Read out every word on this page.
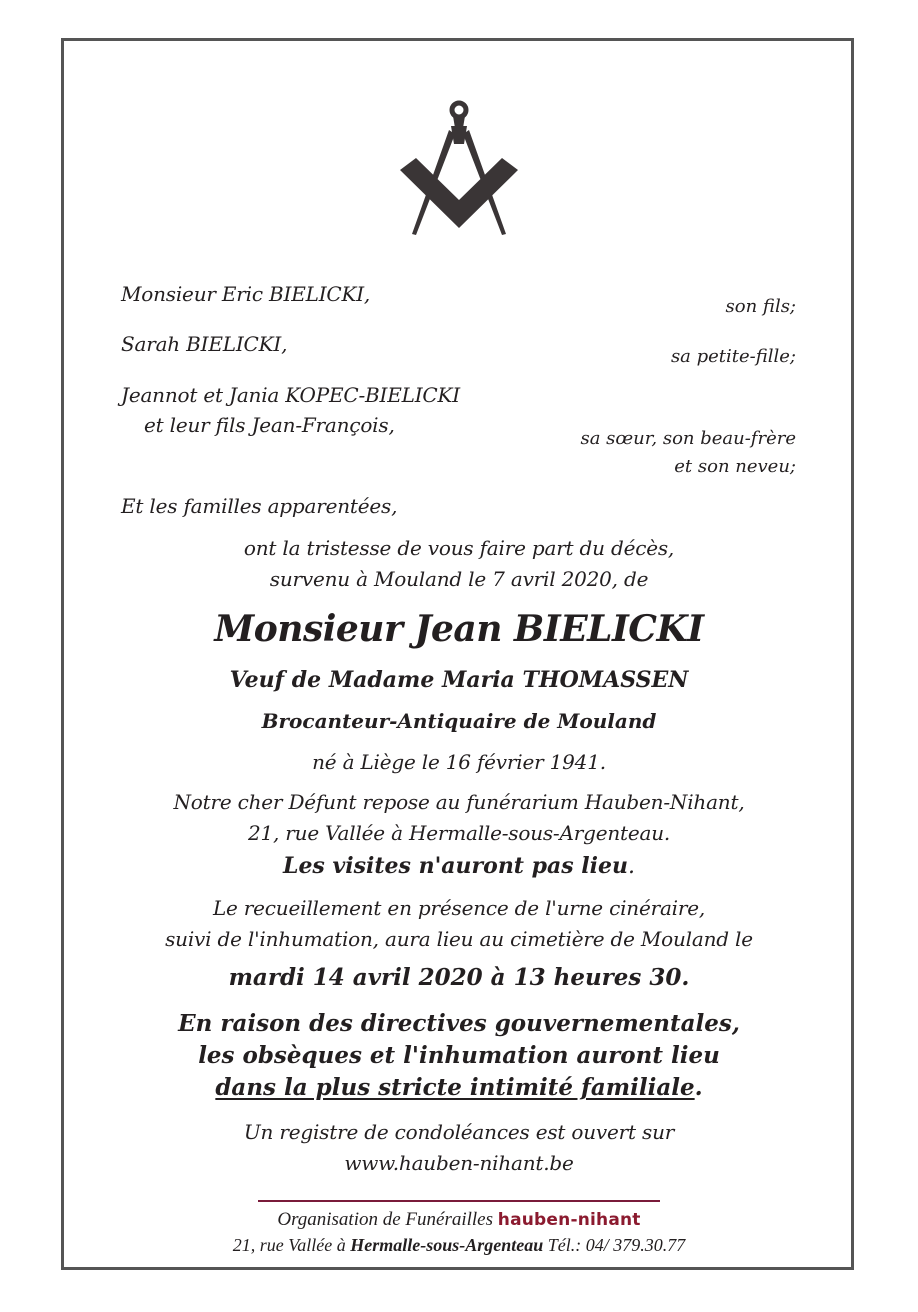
Monsieur Eric BIELICKI,
son fils;
Sarah BIELICKI,
sa petite-fille;
Jeannot et Jania KOPEC-BIELICKI
et leur fils Jean-François,
sa sœur, son beau-frère
et son neveu;
Et les familles apparentées,
ont la tristesse de vous faire part du décès,
survenu à Mouland le 7 avril 2020, de
Monsieur Jean BIELICKI
Veuf de Madame Maria THOMASSEN
Brocanteur-Antiquaire de Mouland
né à Liège le 16 février 1941.
Notre cher Défunt repose au funérarium Hauben-Nihant,
21, rue Vallée à Hermalle-sous-Argenteau.
Les visites n'auront pas lieu.
Le recueillement en présence de l'urne cinéraire,
suivi de l'inhumation, aura lieu au cimetière de Mouland le
mardi 14 avril 2020 à 13 heures 30.
En raison des directives gouvernementales,
les obsèques et l'inhumation auront lieu
dans la plus stricte intimité familiale.
Un registre de condoléances est ouvert sur
www.hauben-nihant.be
Organisation de Funérailles hauben-nihant
21, rue Vallée à Hermalle-sous-Argenteau Tél.: 04/ 379.30.77
